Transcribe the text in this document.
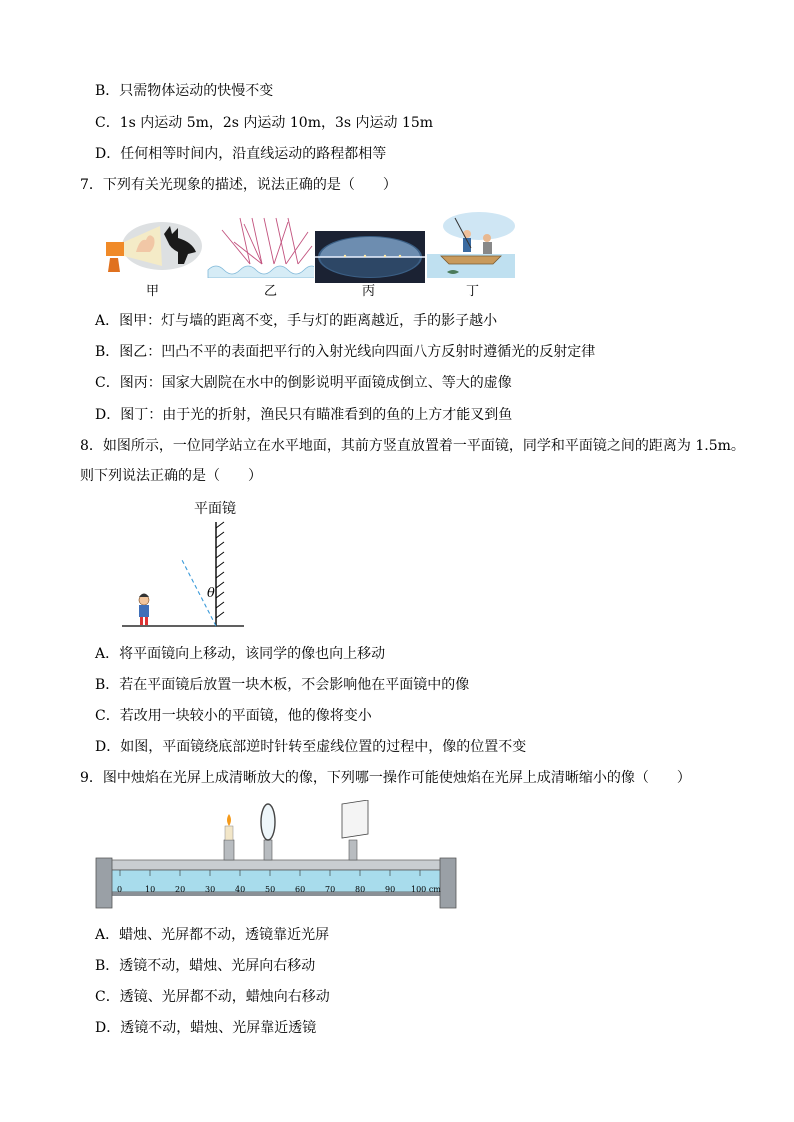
B．只需物体运动的快慢不变
C．1s 内运动 5m，2s 内运动 10m，3s 内运动 15m
D．任何相等时间内，沿直线运动的路程都相等
7．下列有关光现象的描述，说法正确的是（　　）
甲	乙	丙	丁
A．图甲：灯与墙的距离不变，手与灯的距离越近，手的影子越小
B．图乙：凹凸不平的表面把平行的入射光线向四面八方反射时遵循光的反射定律
C．图丙：国家大剧院在水中的倒影说明平面镜成倒立、等大的虚像
D．图丁：由于光的折射，渔民只有瞄准看到的鱼的上方才能叉到鱼
8．如图所示，一位同学站立在水平地面，其前方竖直放置着一平面镜，同学和平面镜之间的距离为 1.5m。
则下列说法正确的是（　　）
平面镜
θ
A．将平面镜向上移动，该同学的像也向上移动
B．若在平面镜后放置一块木板，不会影响他在平面镜中的像
C．若改用一块较小的平面镜，他的像将变小
D．如图，平面镜绕底部逆时针转至虚线位置的过程中，像的位置不变
9．图中烛焰在光屏上成清晰放大的像，下列哪一操作可能使烛焰在光屏上成清晰缩小的像（　　）
0	10 20 30 40 50 60 70 80 90 100 cm
A．蜡烛、光屏都不动，透镜靠近光屏
B．透镜不动，蜡烛、光屏向右移动
C．透镜、光屏都不动，蜡烛向右移动
D．透镜不动，蜡烛、光屏靠近透镜
